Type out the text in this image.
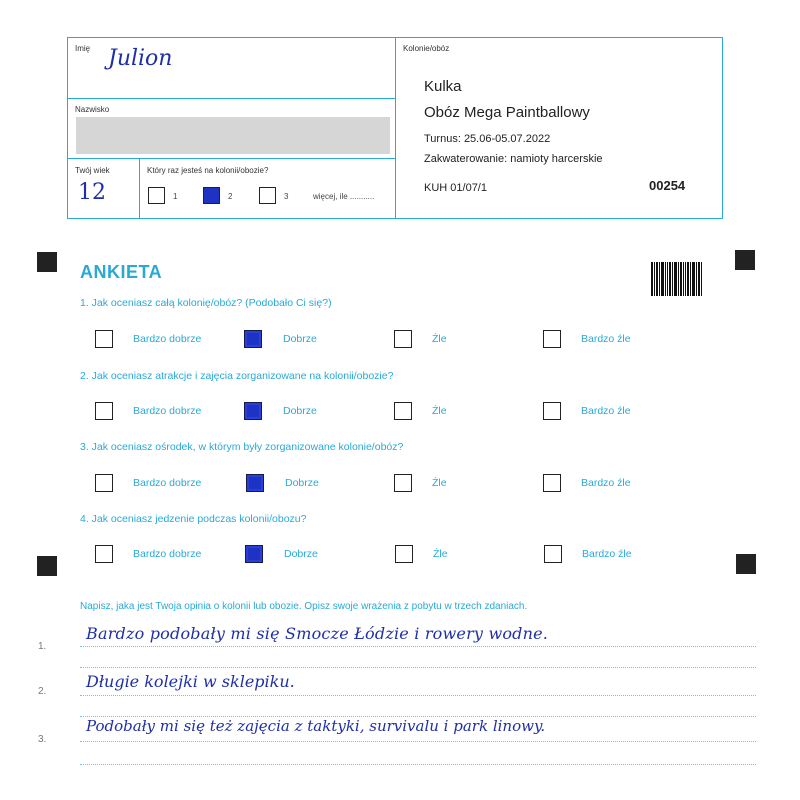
Imię Julion
Nazwisko
Twój wiek
12
Który raz jesteś na kolonii/obozie?
1	2	3	więcej, ile ...........
Kolonie/obóz
Kulka
Obóz Mega Paintballowy
Turnus: 25.06-05.07.2022
Zakwaterowanie: namioty harcerskie
KUH 01/07/1	00254
ANKIETA
1. Jak oceniasz całą kolonię/obóz? (Podobało Ci się?)
Bardzo dobrze	Dobrze	Źle	Bardzo źle
2. Jak oceniasz atrakcje i zajęcia zorganizowane na kolonii/obozie?
Bardzo dobrze	Dobrze	Źle	Bardzo źle
3. Jak oceniasz ośrodek, w którym były zorganizowane kolonie/obóz?
Bardzo dobrze	Dobrze	Źle	Bardzo źle
4. Jak oceniasz jedzenie podczas kolonii/obozu?
Bardzo dobrze	Dobrze	Źle	Bardzo źle
Napisz, jaka jest Twoja opinia o kolonii lub obozie. Opisz swoje wrażenia z pobytu w trzech zdaniach.
1.
Bardzo podobały mi się Smocze Łódzie i rowery wodne.
2.
Długie kolejki w sklepiku.
3.
Podobały mi się też zajęcia z taktyki, survivalu i park linowy.
